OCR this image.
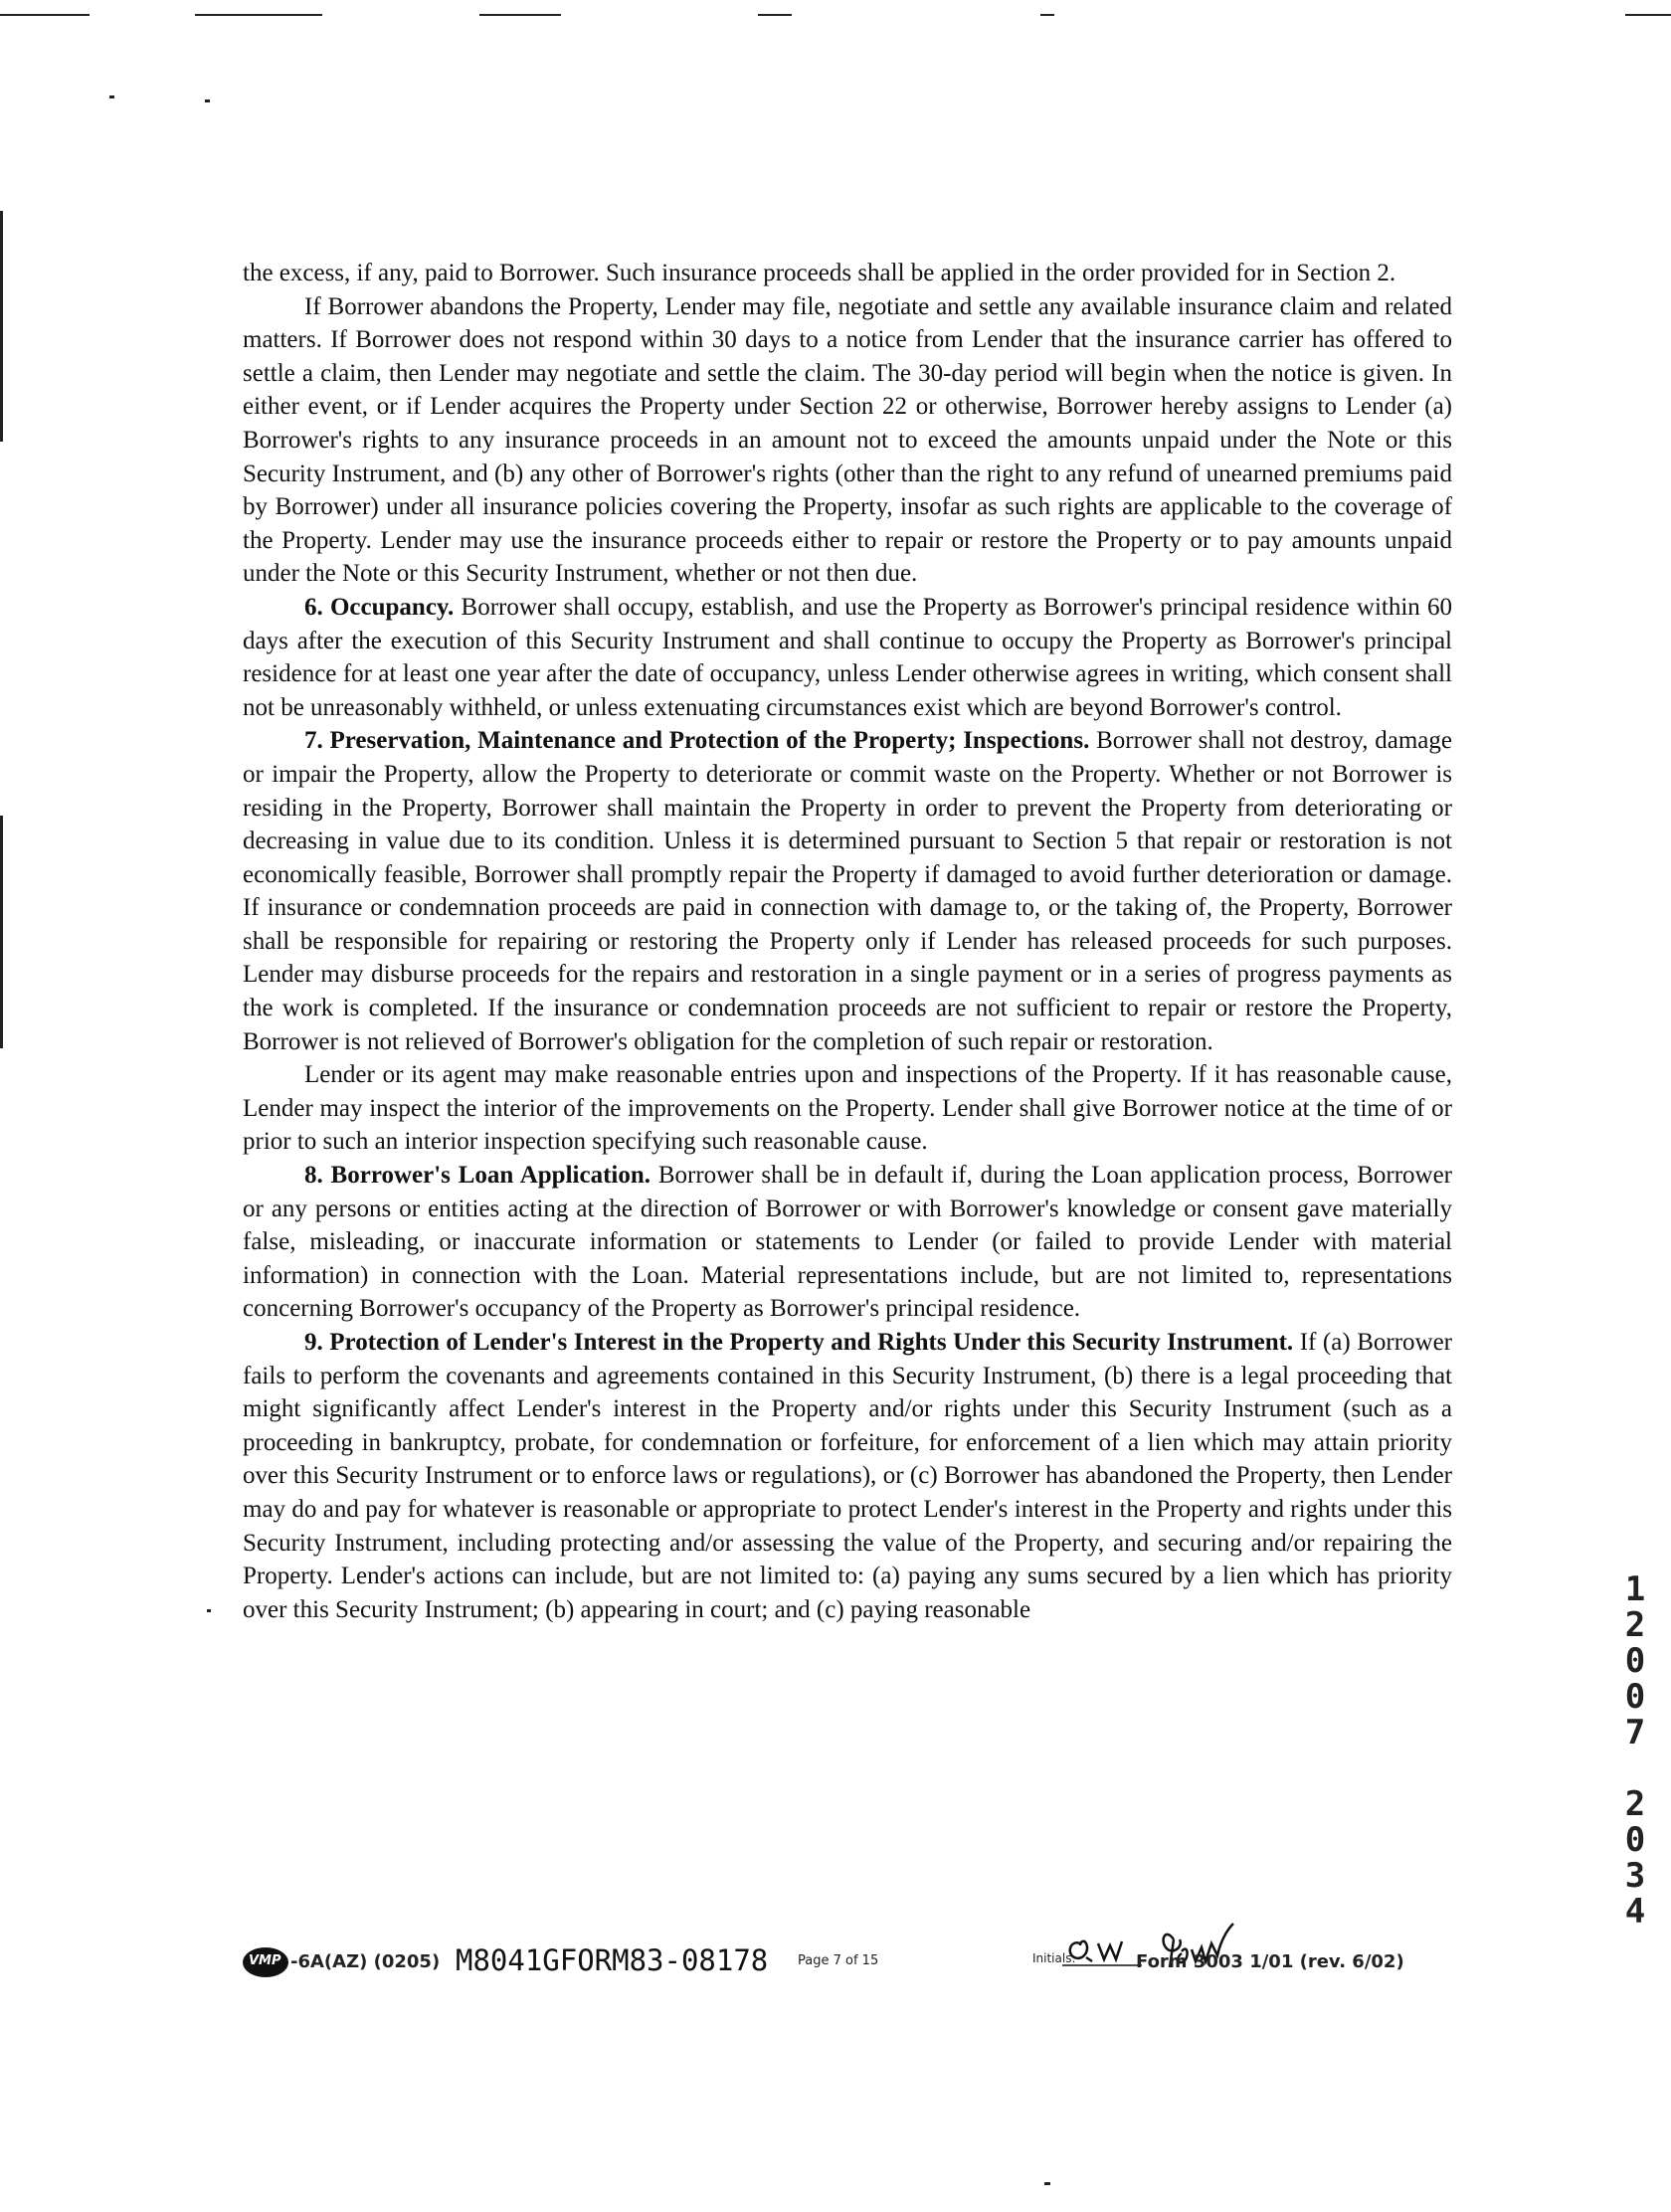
the excess, if any, paid to Borrower. Such insurance proceeds shall be applied in the order provided for in Section 2.

If Borrower abandons the Property, Lender may file, negotiate and settle any available insurance claim and related matters. If Borrower does not respond within 30 days to a notice from Lender that the insurance carrier has offered to settle a claim, then Lender may negotiate and settle the claim. The 30-day period will begin when the notice is given. In either event, or if Lender acquires the Property under Section 22 or otherwise, Borrower hereby assigns to Lender (a) Borrower's rights to any insurance proceeds in an amount not to exceed the amounts unpaid under the Note or this Security Instrument, and (b) any other of Borrower's rights (other than the right to any refund of unearned premiums paid by Borrower) under all insurance policies covering the Property, insofar as such rights are applicable to the coverage of the Property. Lender may use the insurance proceeds either to repair or restore the Property or to pay amounts unpaid under the Note or this Security Instrument, whether or not then due.

6. Occupancy. Borrower shall occupy, establish, and use the Property as Borrower's principal residence within 60 days after the execution of this Security Instrument and shall continue to occupy the Property as Borrower's principal residence for at least one year after the date of occupancy, unless Lender otherwise agrees in writing, which consent shall not be unreasonably withheld, or unless extenuating circumstances exist which are beyond Borrower's control.

7. Preservation, Maintenance and Protection of the Property; Inspections. Borrower shall not destroy, damage or impair the Property, allow the Property to deteriorate or commit waste on the Property. Whether or not Borrower is residing in the Property, Borrower shall maintain the Property in order to prevent the Property from deteriorating or decreasing in value due to its condition. Unless it is determined pursuant to Section 5 that repair or restoration is not economically feasible, Borrower shall promptly repair the Property if damaged to avoid further deterioration or damage. If insurance or condemnation proceeds are paid in connection with damage to, or the taking of, the Property, Borrower shall be responsible for repairing or restoring the Property only if Lender has released proceeds for such purposes. Lender may disburse proceeds for the repairs and restoration in a single payment or in a series of progress payments as the work is completed. If the insurance or condemnation proceeds are not sufficient to repair or restore the Property, Borrower is not relieved of Borrower's obligation for the completion of such repair or restoration.

Lender or its agent may make reasonable entries upon and inspections of the Property. If it has reasonable cause, Lender may inspect the interior of the improvements on the Property. Lender shall give Borrower notice at the time of or prior to such an interior inspection specifying such reasonable cause.

8. Borrower's Loan Application. Borrower shall be in default if, during the Loan application process, Borrower or any persons or entities acting at the direction of Borrower or with Borrower's knowledge or consent gave materially false, misleading, or inaccurate information or statements to Lender (or failed to provide Lender with material information) in connection with the Loan. Material representations include, but are not limited to, representations concerning Borrower's occupancy of the Property as Borrower's principal residence.

9. Protection of Lender's Interest in the Property and Rights Under this Security Instrument. If (a) Borrower fails to perform the covenants and agreements contained in this Security Instrument, (b) there is a legal proceeding that might significantly affect Lender's interest in the Property and/or rights under this Security Instrument (such as a proceeding in bankruptcy, probate, for condemnation or forfeiture, for enforcement of a lien which may attain priority over this Security Instrument or to enforce laws or regulations), or (c) Borrower has abandoned the Property, then Lender may do and pay for whatever is reasonable or appropriate to protect Lender's interest in the Property and rights under this Security Instrument, including protecting and/or assessing the value of the Property, and securing and/or repairing the Property. Lender's actions can include, but are not limited to: (a) paying any sums secured by a lien which has priority over this Security Instrument; (b) appearing in court; and (c) paying reasonable

1
2
0
0
7
2
0
3
4
VMP -6A(AZ) (0205) M8041GFORM83-08178 Page 7 of 15	Initials:	Form 3003 1/01 (rev. 6/02)
